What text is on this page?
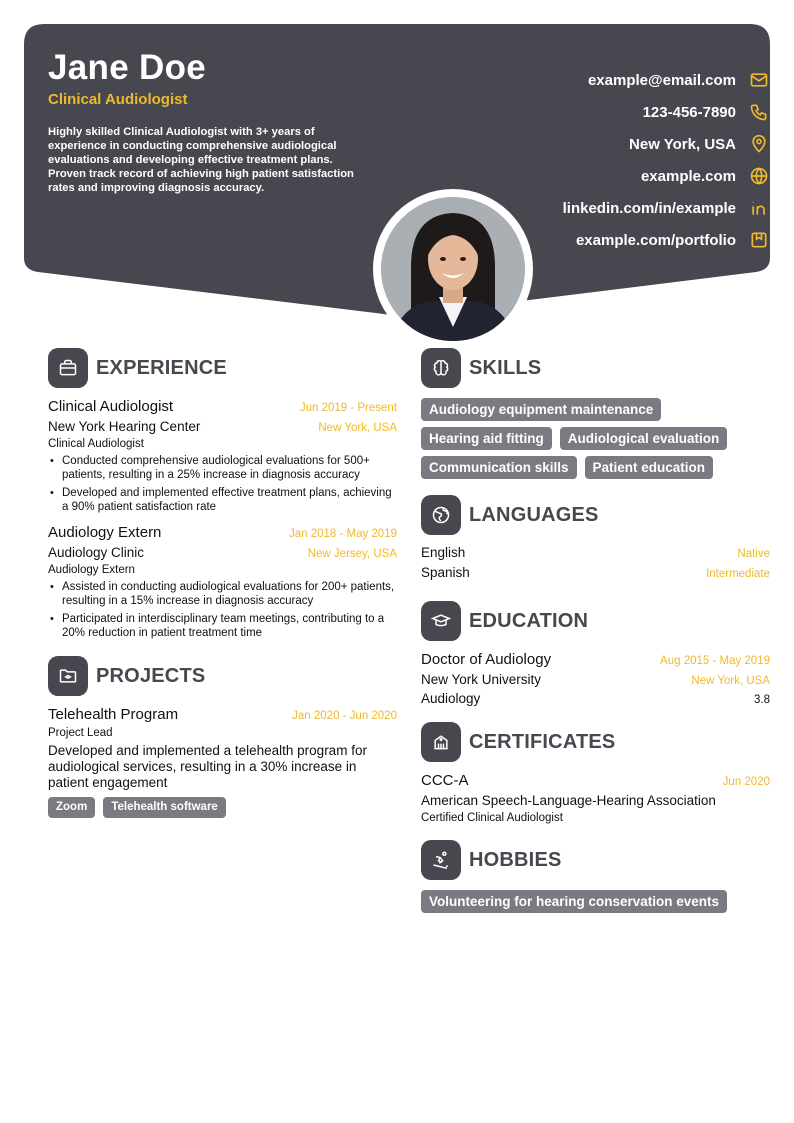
Jane Doe
Clinical Audiologist
Highly skilled Clinical Audiologist with 3+ years of experience in conducting comprehensive audiological evaluations and developing effective treatment plans. Proven track record of achieving high patient satisfaction rates and improving diagnosis accuracy.
example@email.com
123-456-7890
New York, USA
example.com
linkedin.com/in/example
example.com/portfolio
EXPERIENCE
Clinical Audiologist	Jun 2019 - Present
New York Hearing Center	New York, USA
Clinical Audiologist
• Conducted comprehensive audiological evaluations for 500+ patients, resulting in a 25% increase in diagnosis accuracy
• Developed and implemented effective treatment plans, achieving a 90% patient satisfaction rate
Audiology Extern	Jan 2018 - May 2019
Audiology Clinic	New Jersey, USA
Audiology Extern
• Assisted in conducting audiological evaluations for 200+ patients, resulting in a 15% increase in diagnosis accuracy
• Participated in interdisciplinary team meetings, contributing to a 20% reduction in patient treatment time
PROJECTS
Telehealth Program	Jan 2020 - Jun 2020
Project Lead
Developed and implemented a telehealth program for audiological services, resulting in a 30% increase in patient engagement
Zoom	Telehealth software
SKILLS
Audiology equipment maintenance
Hearing aid fitting	Audiological evaluation
Communication skills	Patient education
LANGUAGES
English	Native
Spanish	Intermediate
EDUCATION
Doctor of Audiology	Aug 2015 - May 2019
New York University	New York, USA
Audiology	3.8
CERTIFICATES
CCC-A	Jun 2020
American Speech-Language-Hearing Association
Certified Clinical Audiologist
HOBBIES
Volunteering for hearing conservation events
